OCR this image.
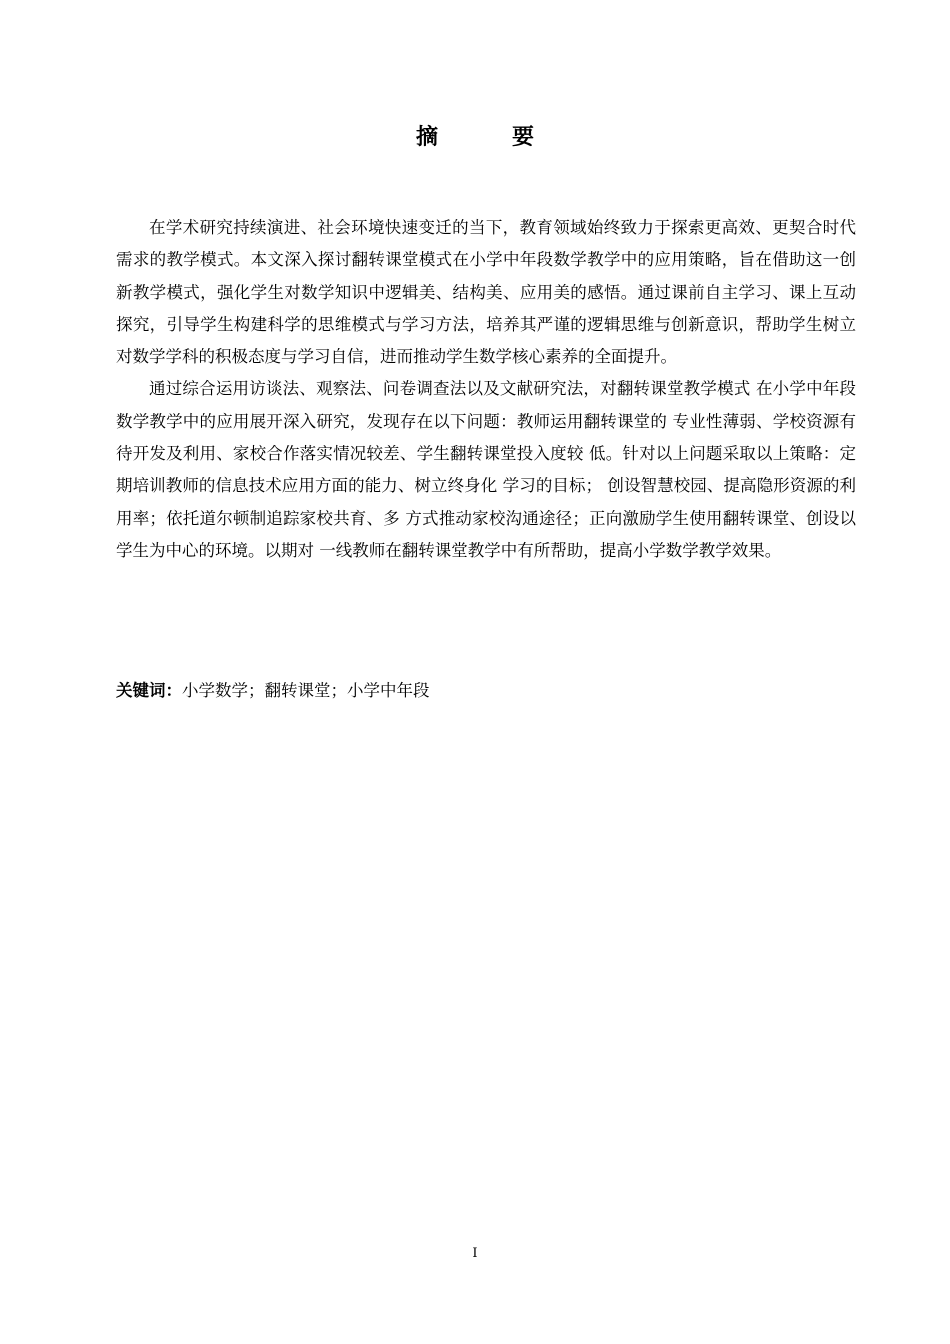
摘　要

在学术研究持续演进、社会环境快速变迁的当下，教育领域始终致力于探索更高效、更契合时代需求的教学模式。本文深入探讨翻转课堂模式在小学中年段数学教学中的应用策略，旨在借助这一创新教学模式，强化学生对数学知识中逻辑美、结构美、应用美的感悟。通过课前自主学习、课上互动探究，引导学生构建科学的思维模式与学习方法，培养其严谨的逻辑思维与创新意识，帮助学生树立对数学学科的积极态度与学习自信，进而推动学生数学核心素养的全面提升。

通过综合运用访谈法、观察法、问卷调查法以及文献研究法，对翻转课堂教学模式 在小学中年段数学教学中的应用展开深入研究，发现存在以下问题：教师运用翻转课堂的 专业性薄弱、学校资源有待开发及利用、家校合作落实情况较差、学生翻转课堂投入度较 低。针对以上问题采取以上策略：定期培训教师的信息技术应用方面的能力、树立终身化 学习的目标； 创设智慧校园、提高隐形资源的利用率；依托道尔顿制追踪家校共育、多 方式推动家校沟通途径；正向激励学生使用翻转课堂、创设以学生为中心的环境。以期对 一线教师在翻转课堂教学中有所帮助，提高小学数学教学效果。

关键词：小学数学；翻转课堂；小学中年段
I
